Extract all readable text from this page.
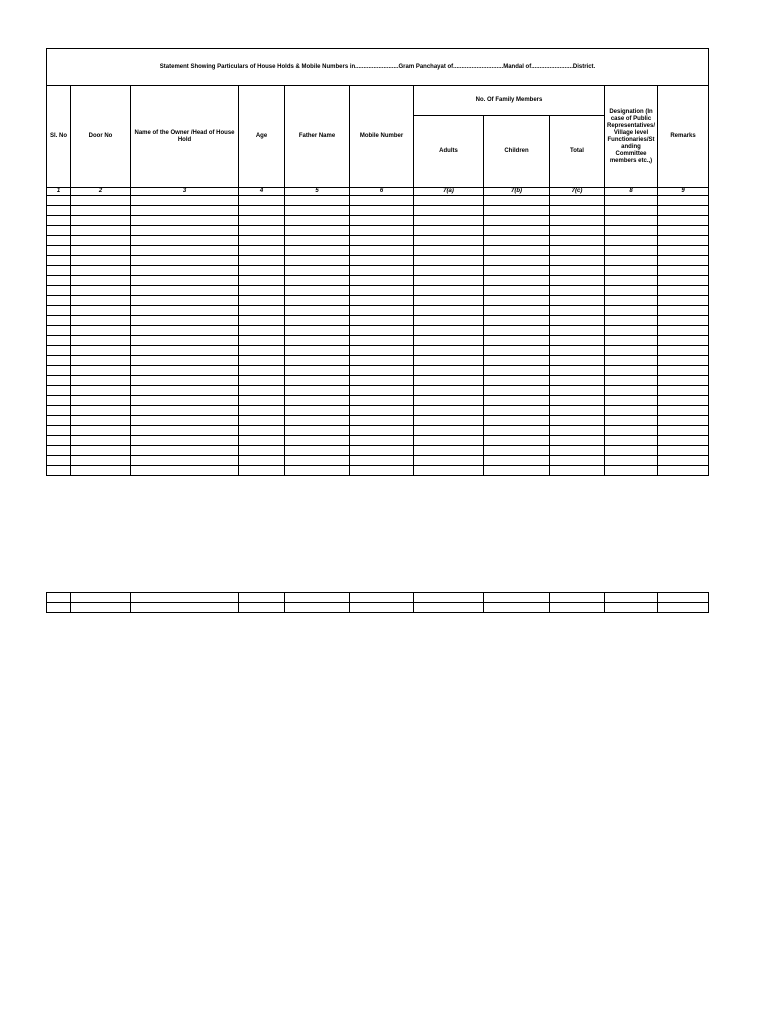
Statement Showing Particulars of House Holds & Mobile Numbers in..........................Gram Panchayat of..............................Mandal of.........................District.										
Sl. No	Door No	Name of the Owner /Head of House Hold	Age	Father Name	Mobile Number	No. Of Family Members			Designation (In case of Public Representatives/ Village level Functionaries/St anding Committee members etc.,)	Remarks
						Adults	Children	Total		
1	2	3	4	5	6	7(a)	7(b)	7(c)	8	9
